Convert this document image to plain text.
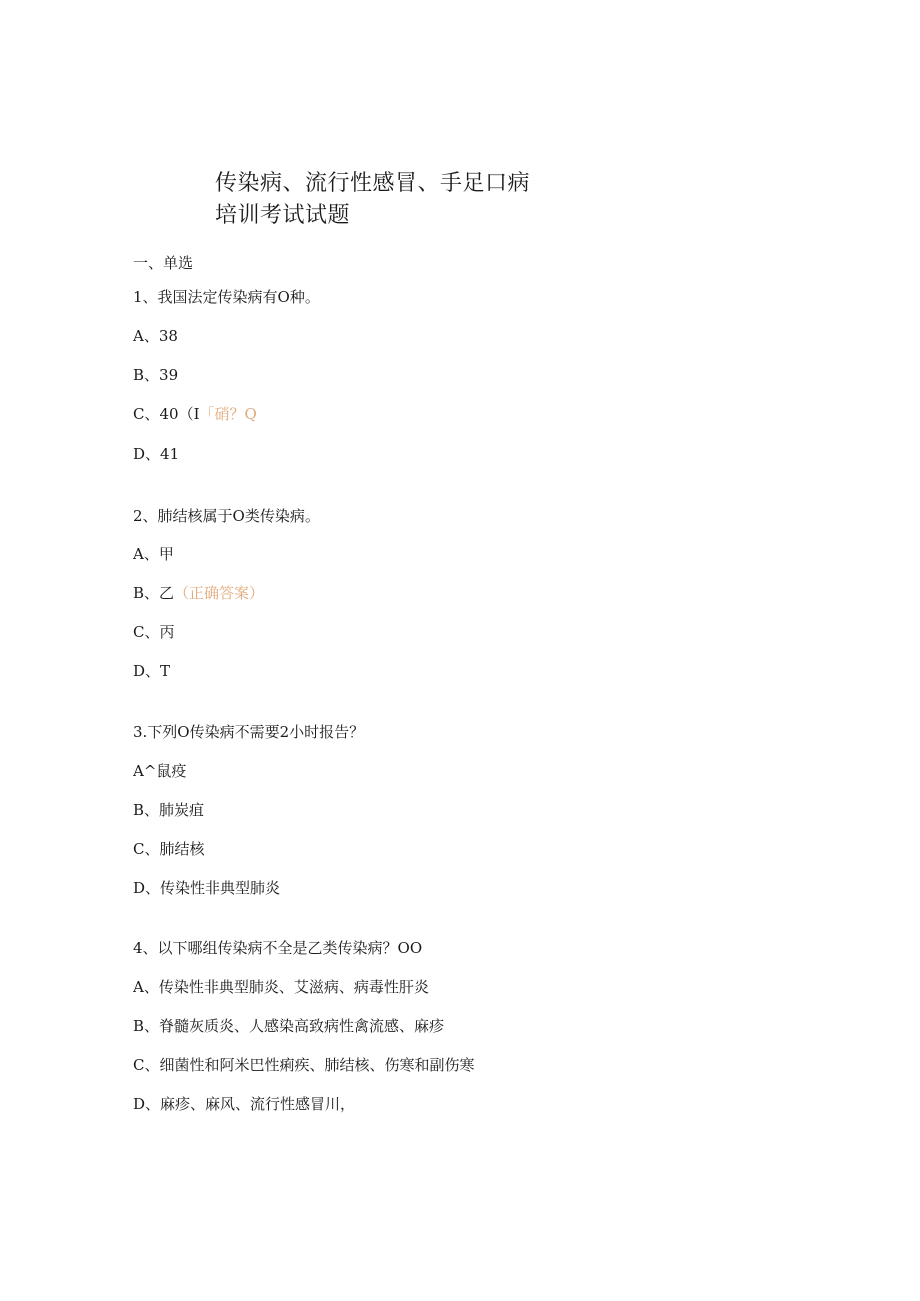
传染病、流行性感冒、手足口病
培训考试试题
一、单选
1、我国法定传染病有O种。
A、38
B、39
C、40（I「硝？Q
D、41
2、肺结核属于O类传染病。
A、甲
B、乙（正确答案）
C、丙
D、T
3.下列O传染病不需要2小时报告？
A^鼠疫
B、肺炭疽
C、肺结核
D、传染性非典型肺炎
4、以下哪组传染病不全是乙类传染病？OO
A、传染性非典型肺炎、艾滋病、病毒性肝炎
B、脊髓灰质炎、人感染高致病性禽流感、麻疹
C、细菌性和阿米巴性痢疾、肺结核、伤寒和副伤寒
D、麻疹、麻风、流行性感冒川，
